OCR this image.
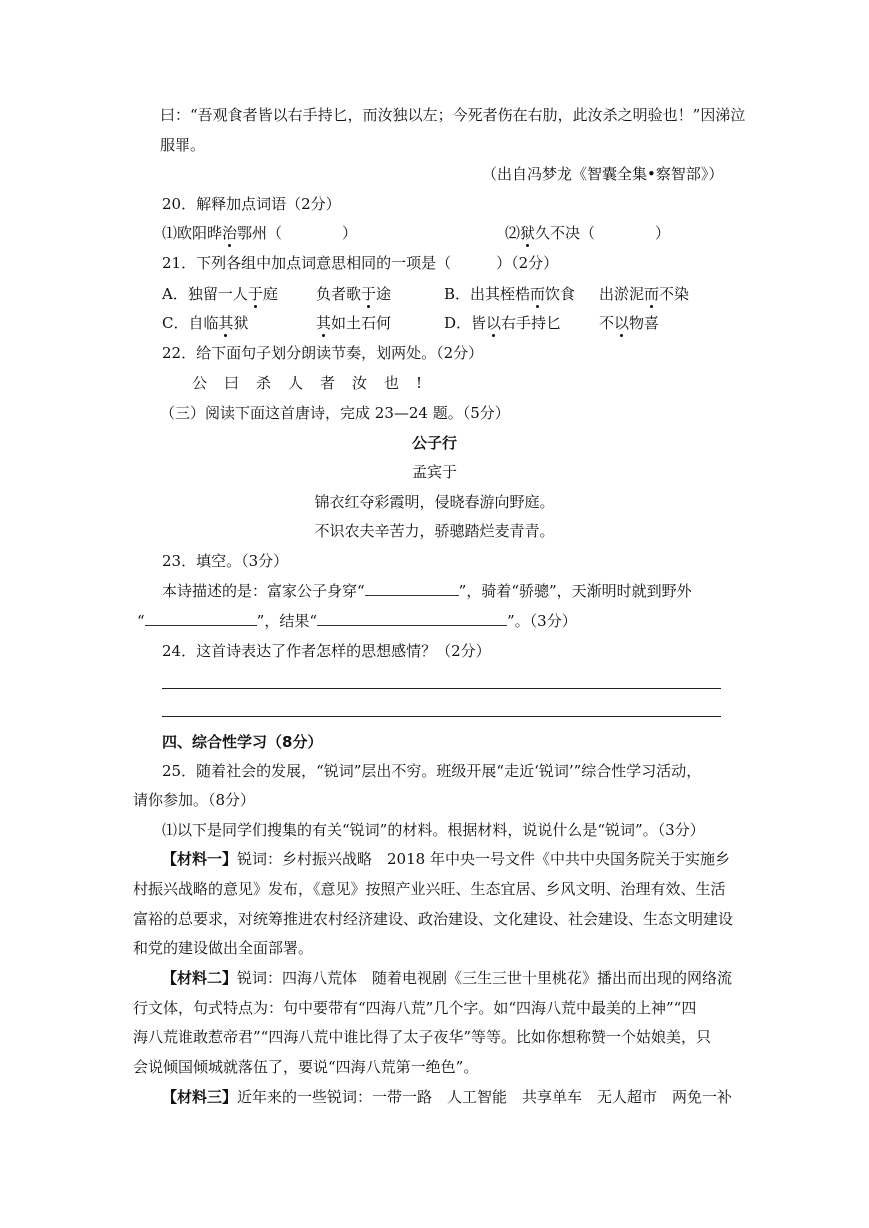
曰：“吾观食者皆以右手持匕，而汝独以左；今死者伤在右肋，此汝杀之明验也！”因涕泣
服罪。
（出自冯梦龙《智囊全集•察智部》）
20．解释加点词语（2分）
⑴欧阳晔治鄂州（　　　　）	⑵狱久不决（　　　　）
21．下列各组中加点词意思相同的一项是（　　　）（2分）
A．独留一人于庭	负者歌于途	B．出其桎梏而饮食 出淤泥而不染
C．自临其狱	其如土石何	D．皆以右手持匕	不以物喜
22．给下面句子划分朗读节奏，划两处。（2分）
公曰杀人者汝也!
（三）阅读下面这首唐诗，完成 23—24 题。（5分）
公子行
孟宾于
锦衣红夺彩霞明，侵晓春游向野庭。
不识农夫辛苦力，骄骢踏烂麦青青。
23．填空。（3分）
本诗描述的是：富家公子身穿“	”，骑着“骄骢”，天渐明时就到野外
“	”，结果“	”。（3分）
24．这首诗表达了作者怎样的思想感情？（2分）
四、综合性学习（8分）
25．随着社会的发展，“锐词”层出不穷。班级开展“走近‘锐词’”综合性学习活动，
请你参加。（8分）
⑴以下是同学们搜集的有关“锐词”的材料。根据材料，说说什么是“锐词”。（3分）
【材料一】锐词：乡村振兴战略　2018 年中央一号文件《中共中央国务院关于实施乡
村振兴战略的意见》发布，《意见》按照产业兴旺、生态宜居、乡风文明、治理有效、生活
富裕的总要求，对统筹推进农村经济建设、政治建设、文化建设、社会建设、生态文明建设
和党的建设做出全面部署。
【材料二】锐词：四海八荒体　随着电视剧《三生三世十里桃花》播出而出现的网络流
行文体，句式特点为：句中要带有“四海八荒”几个字。如“四海八荒中最美的上神”“四
海八荒谁敢惹帝君”“四海八荒中谁比得了太子夜华”等等。比如你想称赞一个姑娘美，只
会说倾国倾城就落伍了，要说“四海八荒第一绝色”。
【材料三】近年来的一些锐词：一带一路　人工智能　共享单车　无人超市　两免一补
